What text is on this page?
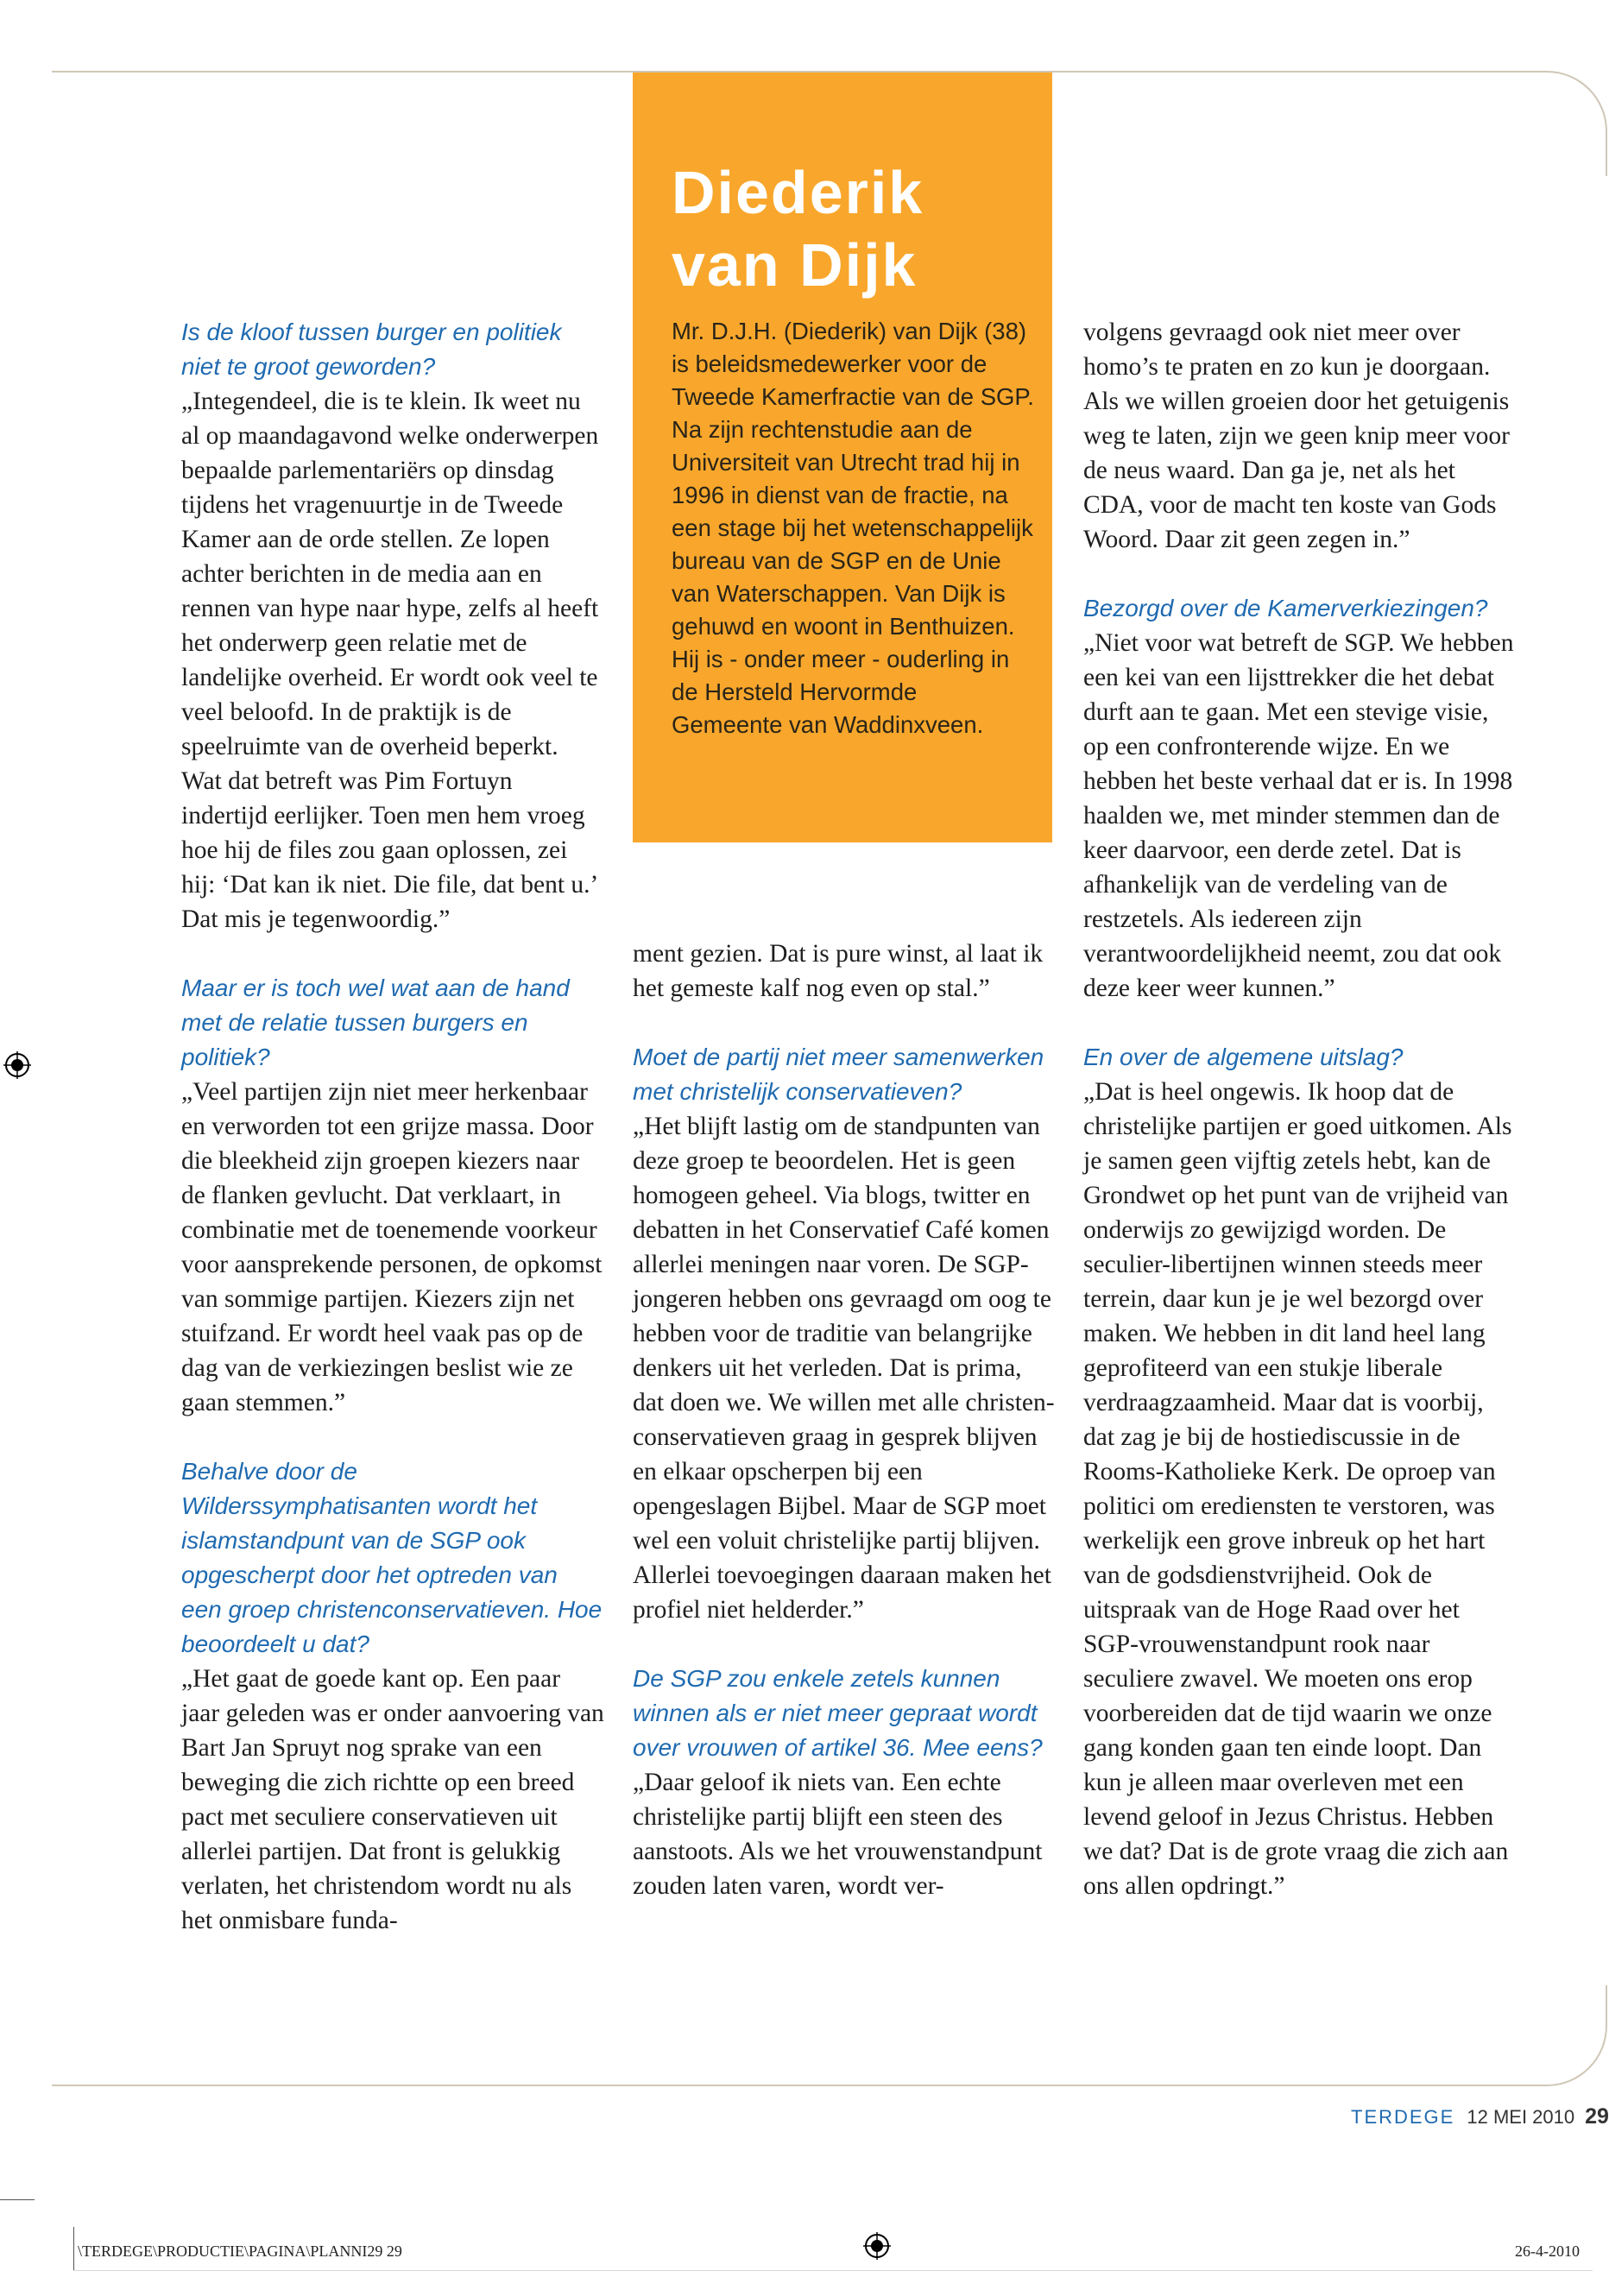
Diederik
van Dijk

Mr. D.J.H. (Diederik) van Dijk (38) is beleidsmedewerker voor de Tweede Kamerfractie van de SGP. Na zijn rechtenstudie aan de Universiteit van Utrecht trad hij in 1996 in dienst van de fractie, na een stage bij het wetenschappelijk bureau van de SGP en de Unie van Waterschappen. Van Dijk is gehuwd en woont in Benthuizen. Hij is - onder meer - ouderling in de Hersteld Hervormde Gemeente van Waddinxveen.

Is de kloof tussen burger en politiek niet te groot geworden?

„Integendeel, die is te klein. Ik weet nu al op maandagavond welke onderwerpen bepaalde parlementariërs op dinsdag tijdens het vragenuurtje in de Tweede Kamer aan de orde stellen. Ze lopen achter berichten in de media aan en rennen van hype naar hype, zelfs al heeft het onderwerp geen relatie met de landelijke overheid. Er wordt ook veel te veel beloofd. In de praktijk is de speelruimte van de overheid beperkt. Wat dat betreft was Pim Fortuyn indertijd eerlijker. Toen men hem vroeg hoe hij de files zou gaan oplossen, zei hij: ‘Dat kan ik niet. Die file, dat bent u.’ Dat mis je tegenwoordig.”

Maar er is toch wel wat aan de hand met de relatie tussen burgers en politiek?

„Veel partijen zijn niet meer herkenbaar en verworden tot een grijze massa. Door die bleekheid zijn groepen kiezers naar de flanken gevlucht. Dat verklaart, in combinatie met de toenemende voorkeur voor aansprekende personen, de opkomst van sommige partijen. Kiezers zijn net stuifzand. Er wordt heel vaak pas op de dag van de verkiezingen beslist wie ze gaan stemmen.”

Behalve door de Wilderssymphatisanten wordt het islamstandpunt van de SGP ook opgescherpt door het optreden van een groep christenconservatieven. Hoe beoordeelt u dat?

„Het gaat de goede kant op. Een paar jaar geleden was er onder aanvoering van Bart Jan Spruyt nog sprake van een beweging die zich richtte op een breed pact met seculiere conservatieven uit allerlei partijen. Dat front is gelukkig verlaten, het christendom wordt nu als het onmisbare funda-

ment gezien. Dat is pure winst, al laat ik het gemeste kalf nog even op stal.”

Moet de partij niet meer samenwerken met christelijk conservatieven?

„Het blijft lastig om de standpunten van deze groep te beoordelen. Het is geen homogeen geheel. Via blogs, twitter en debatten in het Conservatief Café komen allerlei meningen naar voren. De SGP-jongeren hebben ons gevraagd om oog te hebben voor de traditie van belangrijke denkers uit het verleden. Dat is prima, dat doen we. We willen met alle christen-conservatieven graag in gesprek blijven en elkaar opscherpen bij een opengeslagen Bijbel. Maar de SGP moet wel een voluit christelijke partij blijven. Allerlei toevoegingen daaraan maken het profiel niet helderder.”

De SGP zou enkele zetels kunnen winnen als er niet meer gepraat wordt over vrouwen of artikel 36. Mee eens?

„Daar geloof ik niets van. Een echte christelijke partij blijft een steen des aanstoots. Als we het vrouwenstandpunt zouden laten varen, wordt ver-

volgens gevraagd ook niet meer over homo’s te praten en zo kun je doorgaan. Als we willen groeien door het getuigenis weg te laten, zijn we geen knip meer voor de neus waard. Dan ga je, net als het CDA, voor de macht ten koste van Gods Woord. Daar zit geen zegen in.”

Bezorgd over de Kamerverkiezingen?

„Niet voor wat betreft de SGP. We hebben een kei van een lijsttrekker die het debat durft aan te gaan. Met een stevige visie, op een confronterende wijze. En we hebben het beste verhaal dat er is. In 1998 haalden we, met minder stemmen dan de keer daarvoor, een derde zetel. Dat is afhankelijk van de verdeling van de restzetels. Als iedereen zijn verantwoordelijkheid neemt, zou dat ook deze keer weer kunnen.”

En over de algemene uitslag?

„Dat is heel ongewis. Ik hoop dat de christelijke partijen er goed uitkomen. Als je samen geen vijftig zetels hebt, kan de Grondwet op het punt van de vrijheid van onderwijs zo gewijzigd worden. De seculier-libertijnen winnen steeds meer terrein, daar kun je je wel bezorgd over maken. We hebben in dit land heel lang geprofiteerd van een stukje liberale verdraagzaamheid. Maar dat is voorbij, dat zag je bij de hostiediscussie in de Rooms-Katholieke Kerk. De oproep van politici om erediensten te verstoren, was werkelijk een grove inbreuk op het hart van de godsdienstvrijheid. Ook de uitspraak van de Hoge Raad over het SGP-vrouwenstandpunt rook naar seculiere zwavel. We moeten ons erop voorbereiden dat de tijd waarin we onze gang konden gaan ten einde loopt. Dan kun je alleen maar overleven met een levend geloof in Jezus Christus. Hebben we dat? Dat is de grote vraag die zich aan ons allen opdringt.”

TERDEGE 12 MEI 2010 29
\TERDEGE\PRODUCTIE\PAGINA\PLANNI29 29	26-4-2010
